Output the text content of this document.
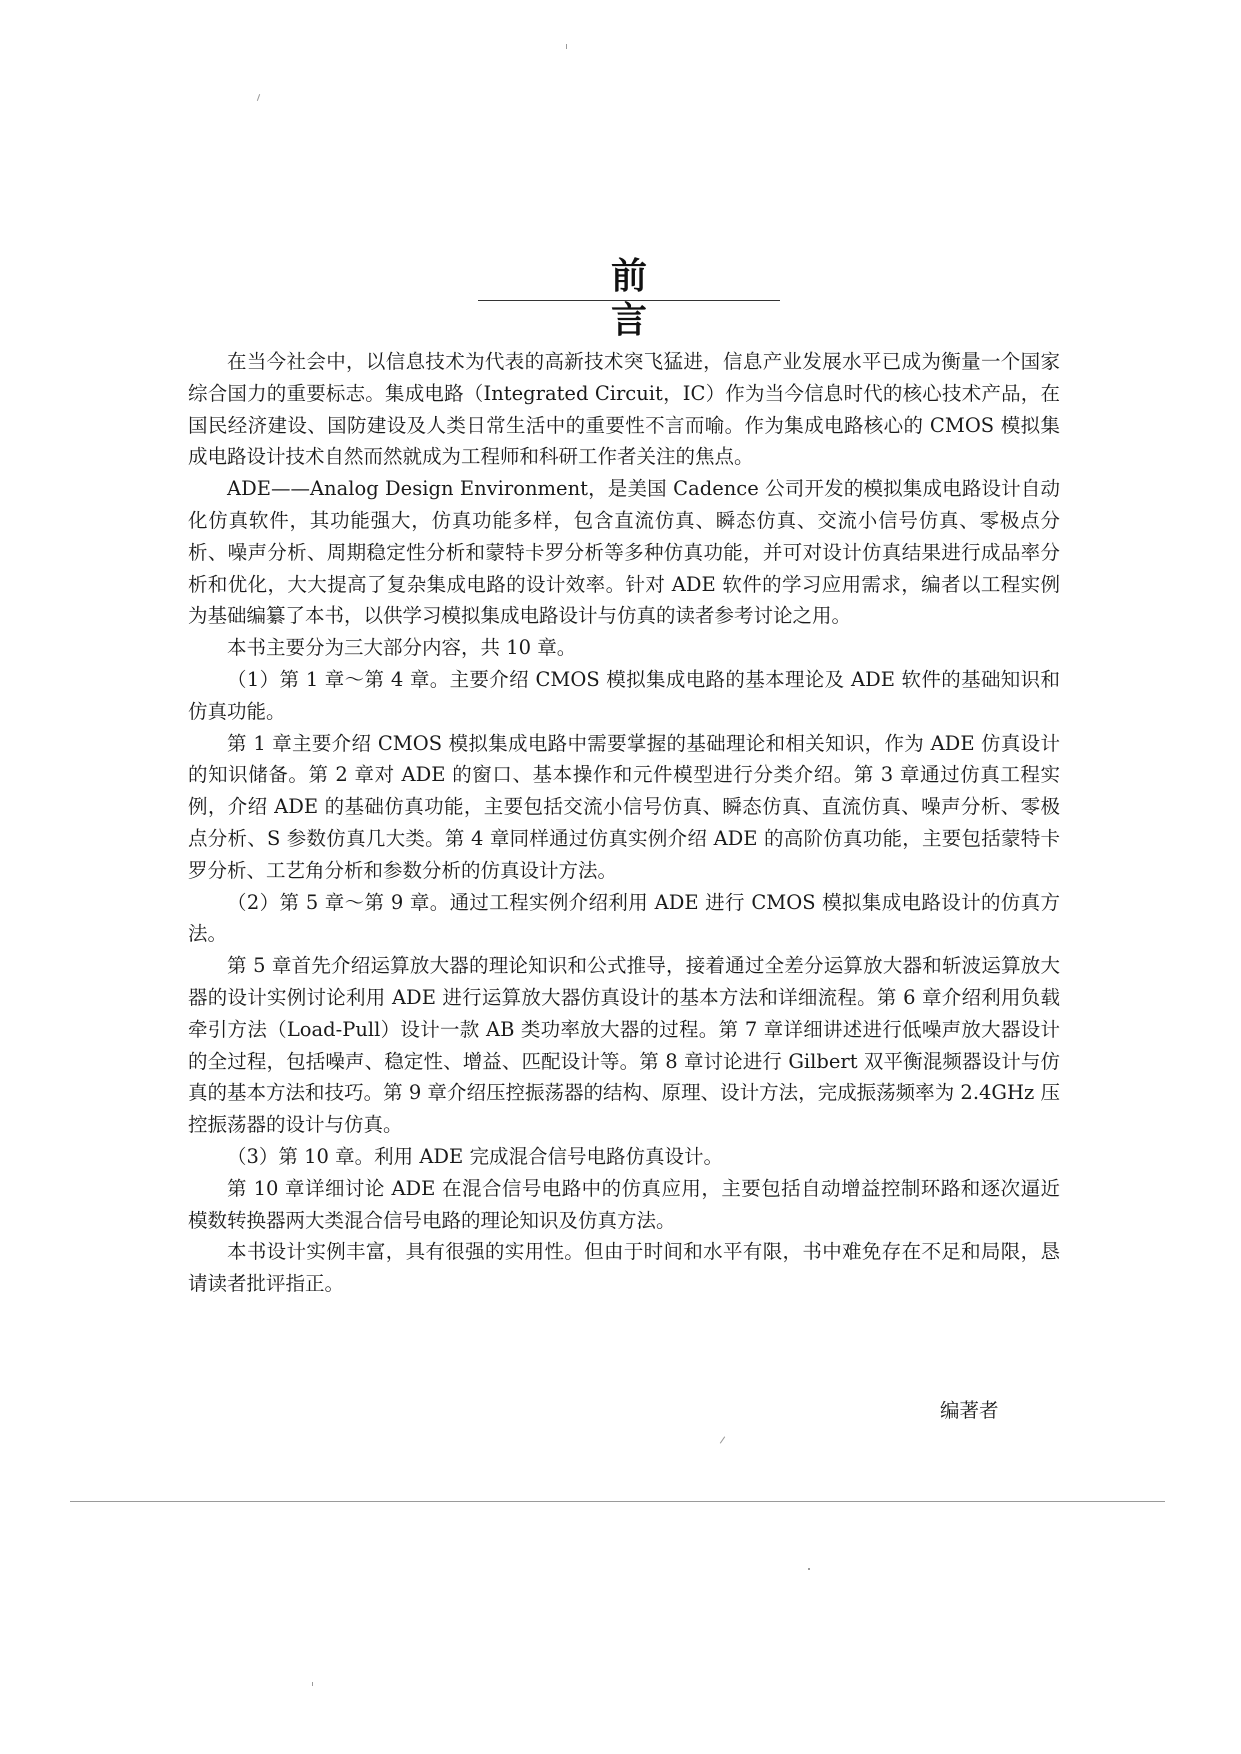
前 言

在当今社会中，以信息技术为代表的高新技术突飞猛进，信息产业发展水平已成为衡量一个国家综合国力的重要标志。集成电路（Integrated Circuit，IC）作为当今信息时代的核心技术产品，在国民经济建设、国防建设及人类日常生活中的重要性不言而喻。作为集成电路核心的 CMOS 模拟集成电路设计技术自然而然就成为工程师和科研工作者关注的焦点。

ADE——Analog Design Environment，是美国 Cadence 公司开发的模拟集成电路设计自动化仿真软件，其功能强大，仿真功能多样，包含直流仿真、瞬态仿真、交流小信号仿真、零极点分析、噪声分析、周期稳定性分析和蒙特卡罗分析等多种仿真功能，并可对设计仿真结果进行成品率分析和优化，大大提高了复杂集成电路的设计效率。针对 ADE 软件的学习应用需求，编者以工程实例为基础编纂了本书，以供学习模拟集成电路设计与仿真的读者参考讨论之用。

本书主要分为三大部分内容，共 10 章。

（1）第 1 章～第 4 章。主要介绍 CMOS 模拟集成电路的基本理论及 ADE 软件的基础知识和仿真功能。

第 1 章主要介绍 CMOS 模拟集成电路中需要掌握的基础理论和相关知识，作为 ADE 仿真设计的知识储备。第 2 章对 ADE 的窗口、基本操作和元件模型进行分类介绍。第 3 章通过仿真工程实例，介绍 ADE 的基础仿真功能，主要包括交流小信号仿真、瞬态仿真、直流仿真、噪声分析、零极点分析、S 参数仿真几大类。第 4 章同样通过仿真实例介绍 ADE 的高阶仿真功能，主要包括蒙特卡罗分析、工艺角分析和参数分析的仿真设计方法。

（2）第 5 章～第 9 章。通过工程实例介绍利用 ADE 进行 CMOS 模拟集成电路设计的仿真方法。

第 5 章首先介绍运算放大器的理论知识和公式推导，接着通过全差分运算放大器和斩波运算放大器的设计实例讨论利用 ADE 进行运算放大器仿真设计的基本方法和详细流程。第 6 章介绍利用负载牵引方法（Load-Pull）设计一款 AB 类功率放大器的过程。第 7 章详细讲述进行低噪声放大器设计的全过程，包括噪声、稳定性、增益、匹配设计等。第 8 章讨论进行 Gilbert 双平衡混频器设计与仿真的基本方法和技巧。第 9 章介绍压控振荡器的结构、原理、设计方法，完成振荡频率为 2.4GHz 压控振荡器的设计与仿真。

（3）第 10 章。利用 ADE 完成混合信号电路仿真设计。

第 10 章详细讨论 ADE 在混合信号电路中的仿真应用，主要包括自动增益控制环路和逐次逼近模数转换器两大类混合信号电路的理论知识及仿真方法。

本书设计实例丰富，具有很强的实用性。但由于时间和水平有限，书中难免存在不足和局限，恳请读者批评指正。

编著者
